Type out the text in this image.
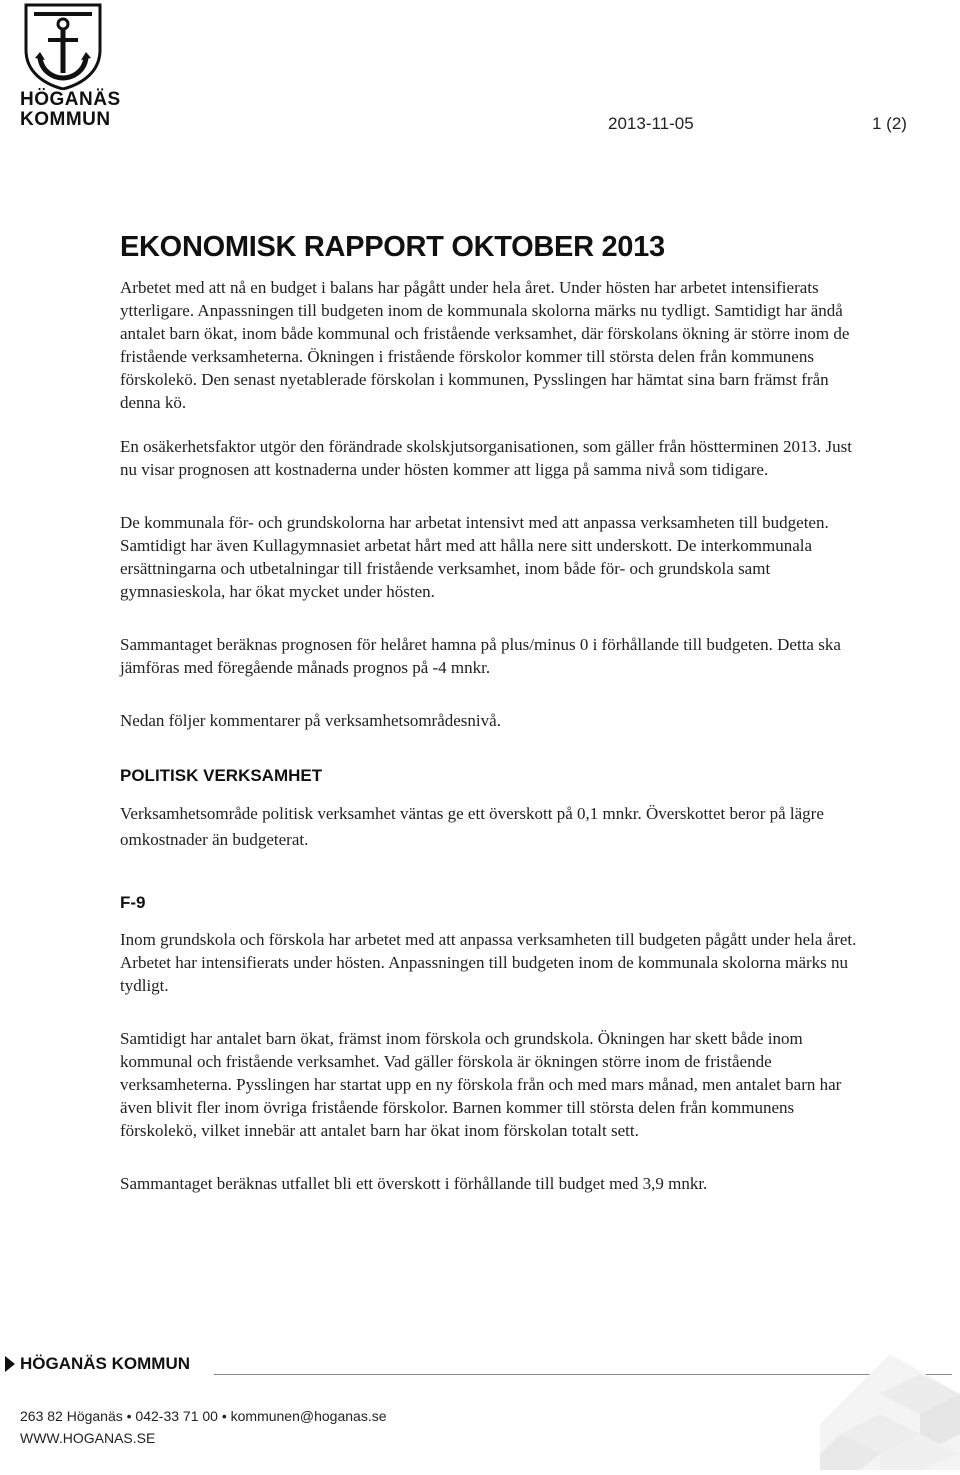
HÖGANÄS
KOMMUN	2013-11-05	1 (2)
EKONOMISK RAPPORT OKTOBER 2013

Arbetet med att nå en budget i balans har pågått under hela året. Under hösten har arbetet intensifierats ytterligare. Anpassningen till budgeten inom de kommunala skolorna märks nu tydligt. Samtidigt har ändå antalet barn ökat, inom både kommunal och fristående verksamhet, där förskolans ökning är större inom de fristående verksamheterna. Ökningen i fristående förskolor kommer till största delen från kommunens förskolekö. Den senast nyetablerade förskolan i kommunen, Pysslingen har hämtat sina barn främst från denna kö.

En osäkerhetsfaktor utgör den förändrade skolskjutsorganisationen, som gäller från höstterminen 2013. Just nu visar prognosen att kostnaderna under hösten kommer att ligga på samma nivå som tidigare.

De kommunala för- och grundskolorna har arbetat intensivt med att anpassa verksamheten till budgeten. Samtidigt har även Kullagymnasiet arbetat hårt med att hålla nere sitt underskott. De interkommunala ersättningarna och utbetalningar till fristående verksamhet, inom både för- och grundskola samt gymnasieskola, har ökat mycket under hösten.

Sammantaget beräknas prognosen för helåret hamna på plus/minus 0 i förhållande till budgeten. Detta ska jämföras med föregående månads prognos på -4 mnkr.

Nedan följer kommentarer på verksamhetsområdesnivå.

POLITISK VERKSAMHET

Verksamhetsområde politisk verksamhet väntas ge ett överskott på 0,1 mnkr. Överskottet beror på lägre omkostnader än budgeterat.

F-9

Inom grundskola och förskola har arbetet med att anpassa verksamheten till budgeten pågått under hela året. Arbetet har intensifierats under hösten. Anpassningen till budgeten inom de kommunala skolorna märks nu tydligt.

Samtidigt har antalet barn ökat, främst inom förskola och grundskola. Ökningen har skett både inom kommunal och fristående verksamhet. Vad gäller förskola är ökningen större inom de fristående verksamheterna. Pysslingen har startat upp en ny förskola från och med mars månad, men antalet barn har även blivit fler inom övriga fristående förskolor. Barnen kommer till största delen från kommunens förskolekö, vilket innebär att antalet barn har ökat inom förskolan totalt sett.

Sammantaget beräknas utfallet bli ett överskott i förhållande till budget med 3,9 mnkr.

HÖGANÄS KOMMUN
263 82 Höganäs • 042-33 71 00 • kommunen@hoganas.se
WWW.HOGANAS.SE
